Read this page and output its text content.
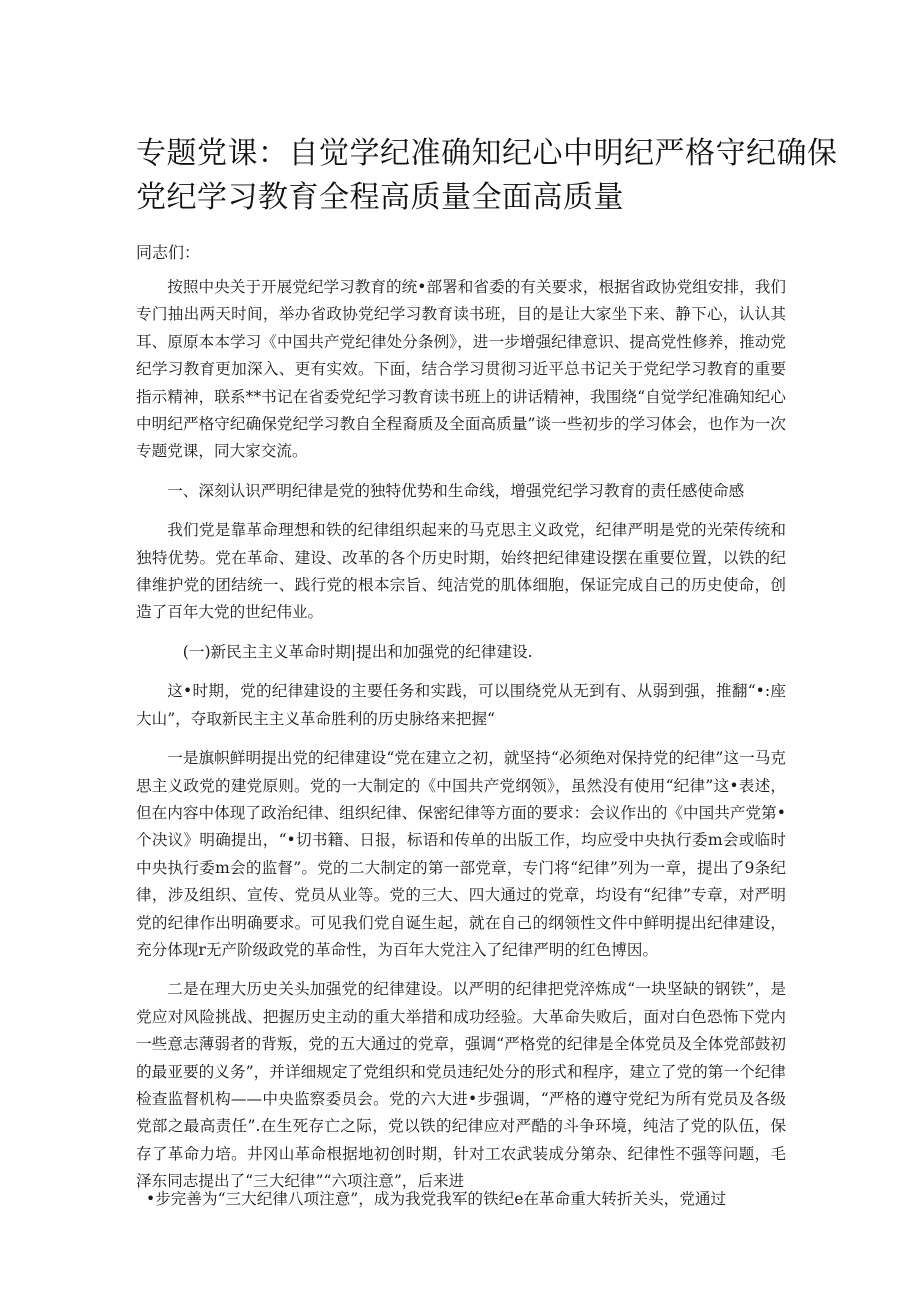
专题党课：自觉学纪准确知纪心中明纪严格守纪确保
党纪学习教育全程高质量全面高质量

同志们：

按照中央关于开展党纪学习教育的统•部署和省委的有关要求，根据省政协党组安排，我们专门抽出两天时间，举办省政协党纪学习教育读书班，目的是让大家坐下来、静下心，认认其耳、原原本本学习《中国共产党纪律处分条例》，进一步增强纪律意识、提高党性修养，推动党纪学习教育更加深入、更有实效。下面，结合学习贯彻习近平总书记关于党纪学习教育的重要指示精神，联系**书记在省委党纪学习教育读书班上的讲话精神，我围绕“自觉学纪准确知纪心中明纪严格守纪确保党纪学习教自全程裔质及全面高质量”谈一些初步的学习体会，也作为一次专题党课，同大家交流。

一、深刻认识严明纪律是党的独特优势和生命线，增强党纪学习教育的责任感使命感

我们党是靠革命理想和铁的纪律组织起来的马克思主义政党，纪律严明是党的光荣传统和独特优势。党在革命、建设、改革的各个历史时期，始终把纪律建设摆在重要位置，以铁的纪律维护党的团结统一、践行党的根本宗旨、纯洁党的肌体细胞，保证完成自己的历史使命，创造了百年大党的世纪伟业。

(一)新民主主义革命时期|提出和加强党的纪律建设.

这•时期，党的纪律建设的主要任务和实践，可以围绕党从无到有、从弱到强，推翻“•:座大山”，夺取新民主主义革命胜利的历史脉络来把握“

一是旗帜鲜明提出党的纪律建设“党在建立之初，就坚持“必须绝对保持党的纪律”这一马克思主义政党的建党原则。党的一大制定的《中国共产党纲领》，虽然没有使用“纪律”这•表述，但在内容中体现了政治纪律、组织纪律、保密纪律等方面的要求：会议作出的《中国共产党第•个决议》明确提出，“•切书籍、日报，标语和传单的出版工作，均应受中央执行委m会或临时中央执行委m会的监督”。党的二大制定的第一部党章，专门将“纪律”列为一章，提出了9条纪律，涉及组织、宣传、党员从业等。党的三大、四大通过的党章，均设有“纪律”专章，对严明党的纪律作出明确要求。可见我们党自诞生起，就在自己的纲领性文件中鲜明提出纪律建设，充分体现r无产阶级政党的革命性，为百年大党注入了纪律严明的红色博因。

二是在理大历史关头加强党的纪律建设。以严明的纪律把党淬炼成“一块坚缺的钢铁”，是党应对风险挑战、把握历史主动的重大举措和成功经验。大革命失败后，面对白色恐怖下党内一些意志薄弱者的背叛，党的五大通过的党章，强调“严格党的纪律是全体党员及全体党部鼓初的最亚要的义务”，并详细规定了党组织和党员违纪处分的形式和程序，建立了党的第一个纪律检查监督机构——中央监察委员会。党的六大进•步强调，“严格的遵守党纪为所有党员及各级党部之最高责任”.在生死存亡之际，党以铁的纪律应对严酷的斗争环境，纯洁了党的队伍，保存了革命力培。井冈山革命根据地初创时期，针对工农武装成分第杂、纪律性不强等问题，毛泽东同志提出了“三大纪律”“六项注意”，后来进

•步完善为“三大纪律八项注意”，成为我党我军的铁纪e在革命重大转折关头，党通过
